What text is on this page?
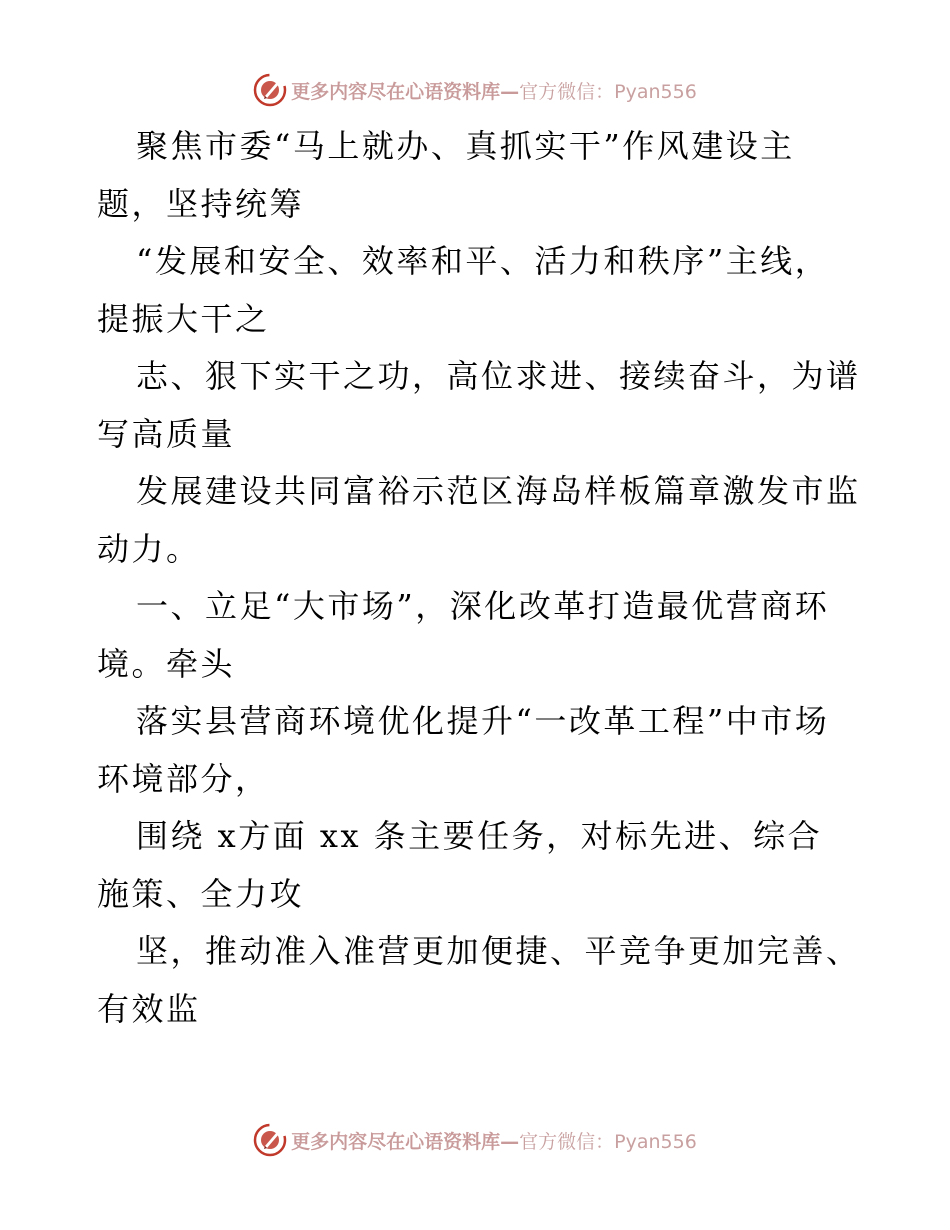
更多内容尽在心语资料库—官方微信：Pyan556
聚焦市委“马上就办、真抓实干”作风建设主
题，坚持统筹
“发展和安全、效率和平、活力和秩序”主线，
提振大干之
志、狠下实干之功，高位求进、接续奋斗，为谱
写高质量
发展建设共同富裕示范区海岛样板篇章激发市监
动力。
一、立足“大市场”，深化改革打造最优营商环
境。牵头
落实县营商环境优化提升“一改革工程”中市场
环境部分，
围绕 x方面 xx 条主要任务，对标先进、综合
施策、全力攻
坚，推动准入准营更加便捷、平竞争更加完善、
有效监
更多内容尽在心语资料库—官方微信：Pyan556
